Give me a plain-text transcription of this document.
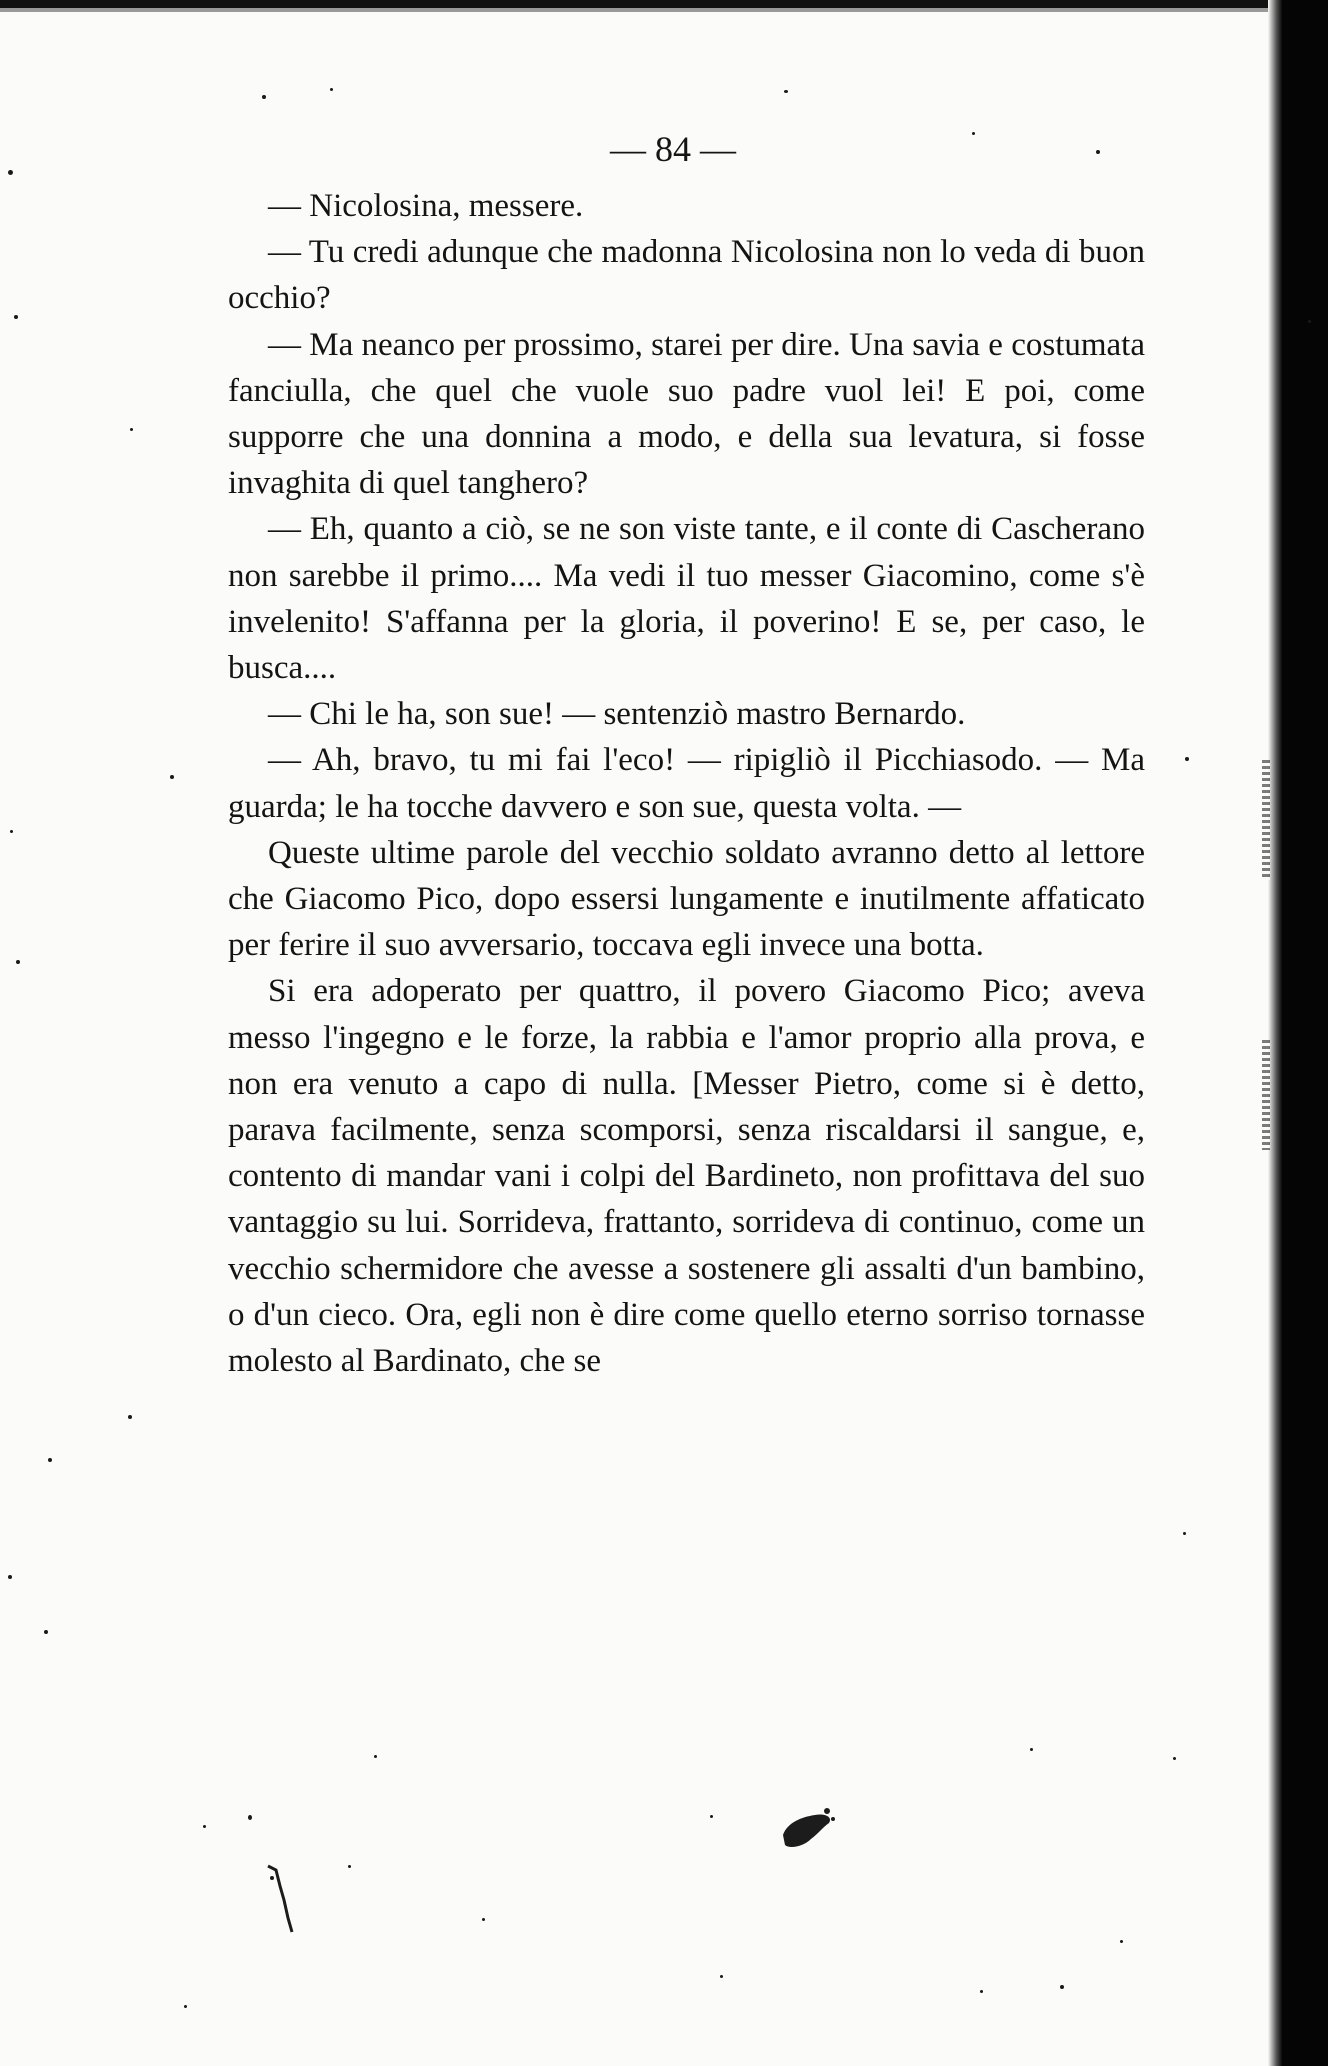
— 84 —

— Nicolosina, messere.

— Tu credi adunque che madonna Nicolosina non lo veda di buon occhio?

— Ma neanco per prossimo, starei per dire. Una savia e costumata fanciulla, che quel che vuole suo padre vuol lei! E poi, come supporre che una donnina a modo, e della sua levatura, si fosse invaghita di quel tanghero?

— Eh, quanto a ciò, se ne son viste tante, e il conte di Cascherano non sarebbe il primo.... Ma vedi il tuo messer Giacomino, come s'è invelenito! S'affanna per la gloria, il poverino! E se, per caso, le busca....

— Chi le ha, son sue! — sentenziò mastro Bernardo.

— Ah, bravo, tu mi fai l'eco! — ripigliò il Picchiasodo. — Ma guarda; le ha tocche davvero e son sue, questa volta. —

Queste ultime parole del vecchio soldato avranno detto al lettore che Giacomo Pico, dopo essersi lungamente e inutilmente affaticato per ferire il suo avversario, toccava egli invece una botta.

Si era adoperato per quattro, il povero Giacomo Pico; aveva messo l'ingegno e le forze, la rabbia e l'amor proprio alla prova, e non era venuto a capo di nulla. [Messer Pietro, come si è detto, parava facilmente, senza scomporsi, senza riscaldarsi il sangue, e, contento di mandar vani i colpi del Bardineto, non profittava del suo vantaggio su lui. Sorrideva, frattanto, sorrideva di continuo, come un vecchio schermidore che avesse a sostenere gli assalti d'un bambino, o d'un cieco. Ora, egli non è dire come quello eterno sorriso tornasse molesto al Bardinato, che se
